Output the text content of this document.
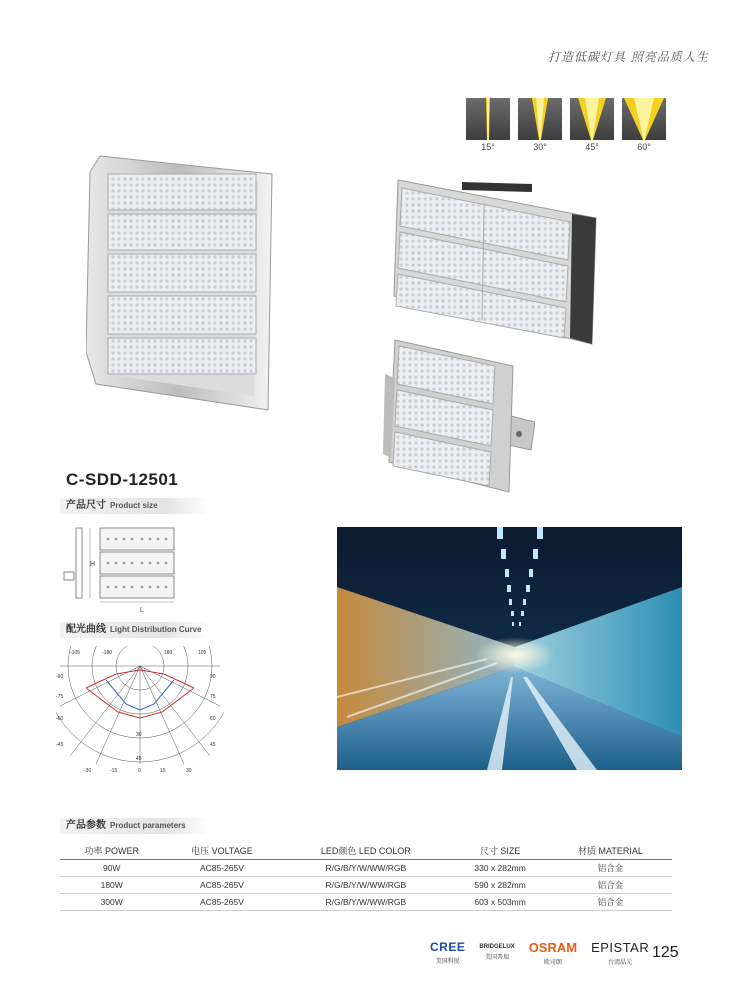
打造低碳灯具 照亮品质人生
15°	30°	45°	60°
C-SDD-12501
产品尺寸 Product size
H
L
配光曲线 Light Distribution Curve
-105	-180	180	105
-90
-75
-60
-45
90
75
60
45
-30	-15	0	15	30
30
45
产品参数 Product parameters
功率 POWER	电压 VOLTAGE	LED颜色 LED COLOR	尺寸 SIZE	材质 MATERIAL
90W	AC85-265V	R/G/B/Y/W/WW/RGB	330 x 282mm	铝合金
180W	AC85-265V	R/G/B/Y/W/WW/RGB	590 x 282mm	铝合金
300W	AC85-265V	R/G/B/Y/W/WW/RGB	603 x 503mm	铝合金
CREE
美国科锐
BRIDGELUX
美国普瑞
OSRAM
欧司朗
EPISTAR
台湾晶元
125
